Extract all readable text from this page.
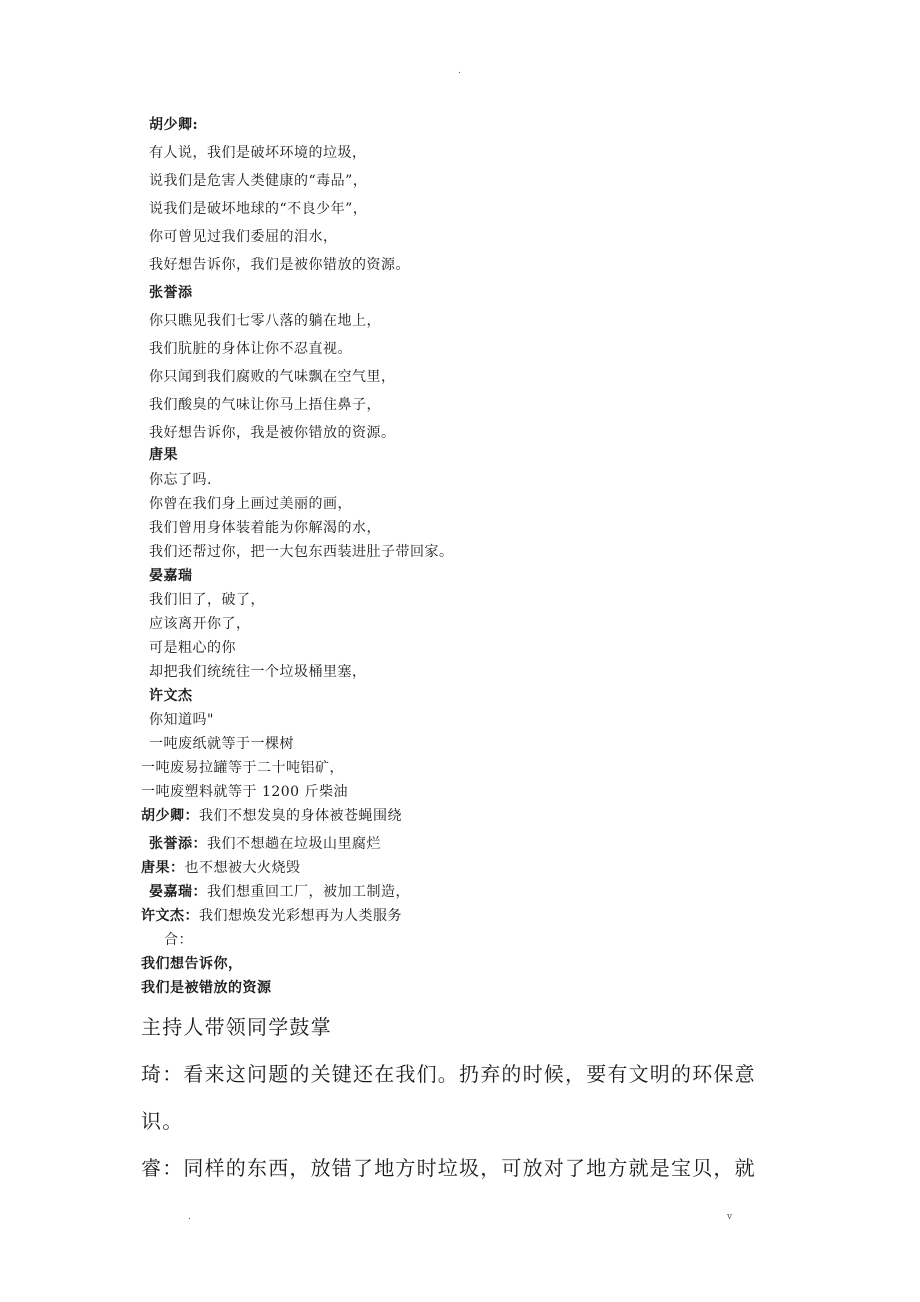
.
胡少卿:
有人说，我们是破坏环境的垃圾，
说我们是危害人类健康的“毒品”，
说我们是破坏地球的“不良少年”，
你可曾见过我们委屈的泪水，
我好想告诉你，我们是被你错放的资源。
张誉添
你只瞧见我们七零八落的躺在地上，
我们肮脏的身体让你不忍直视。
你只闻到我们腐败的气味飘在空气里，
我们酸臭的气味让你马上捂住鼻子，
我好想告诉你，我是被你错放的资源。
唐果
你忘了吗.
你曾在我们身上画过美丽的画，
我们曾用身体装着能为你解渴的水，
我们还帮过你，把一大包东西装进肚子带回家。
晏嘉瑞
我们旧了，破了，
应该离开你了，
可是粗心的你
却把我们统统往一个垃圾桶里塞，
许文杰
你知道吗"
一吨废纸就等于一棵树
一吨废易拉罐等于二十吨铝矿，
一吨废塑料就等于 1200 斤柴油
胡少卿：我们不想发臭的身体被苍蝇围绕
张誉添：我们不想趟在垃圾山里腐烂
唐果：也不想被大火烧毁
晏嘉瑞：我们想重回工厂，被加工制造，
许文杰：我们想焕发光彩想再为人类服务
合：
我们想告诉你，
我们是被错放的资源
主持人带领同学鼓掌
琦：看来这问题的关键还在我们。扔弃的时候，要有文明的环保意
识。
睿：同样的东西，放错了地方时垃圾，可放对了地方就是宝贝，就
.	v
